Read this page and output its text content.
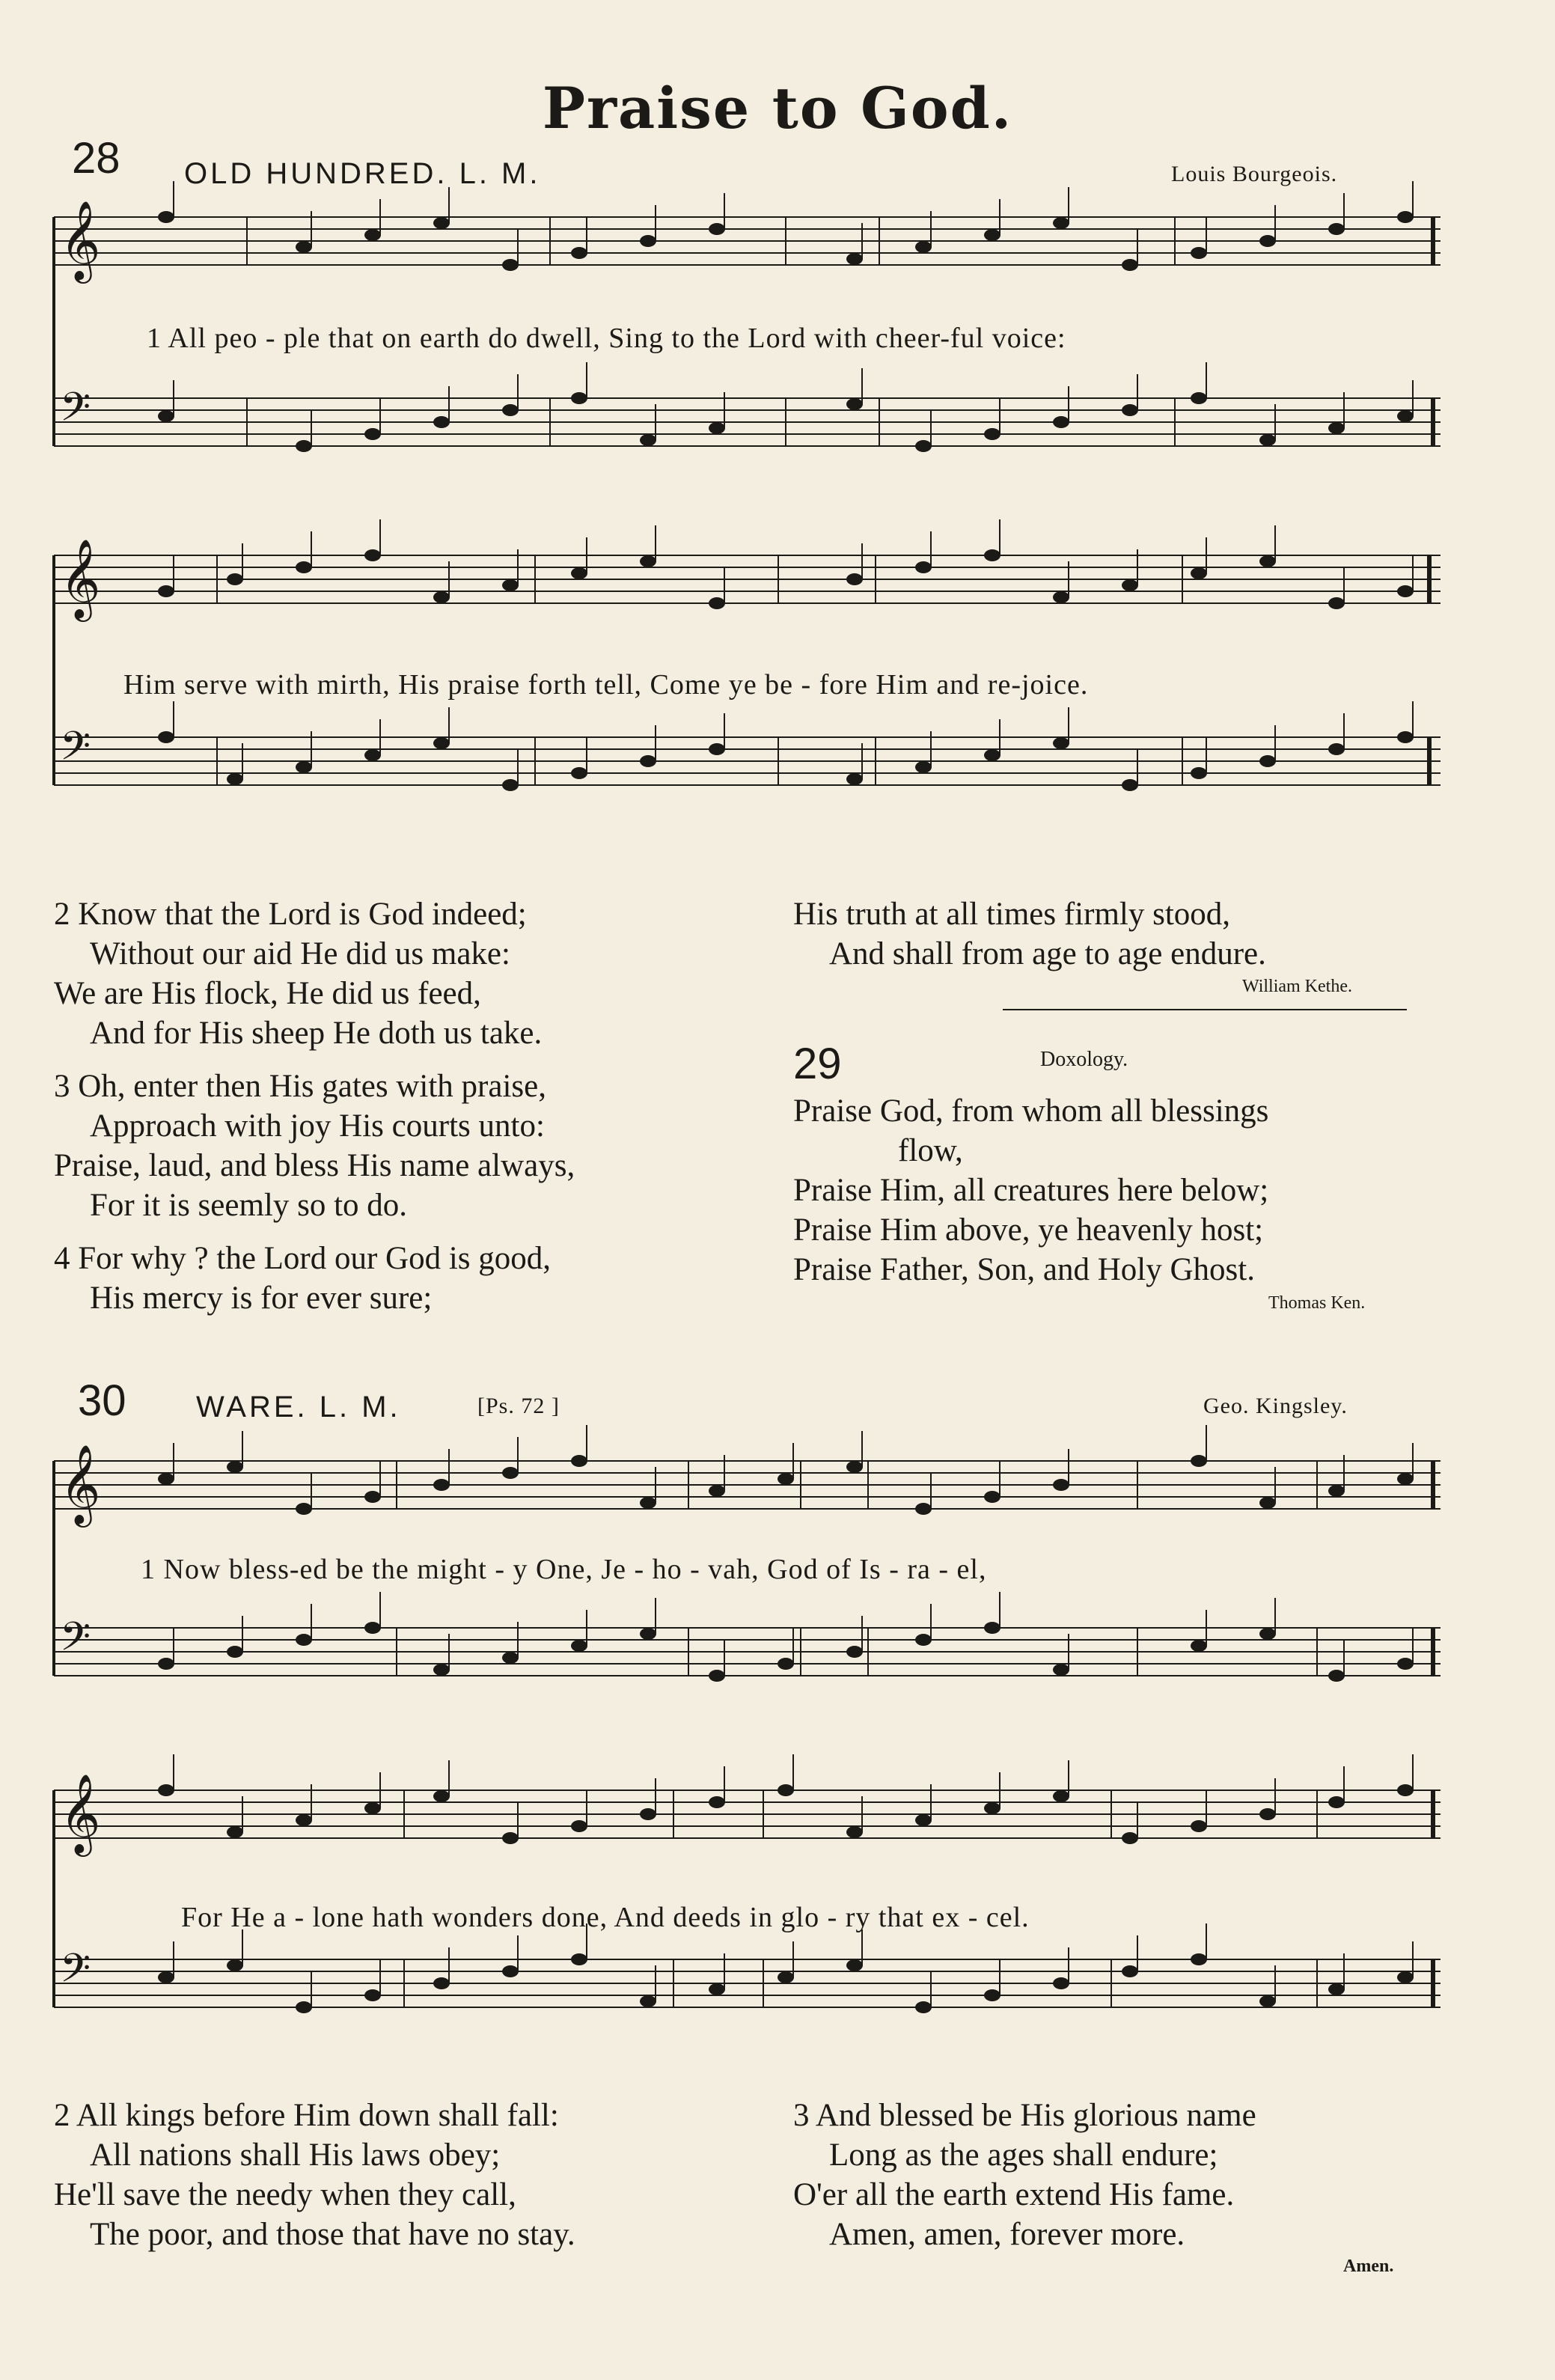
Praise to God.
28 OLD HUNDRED. L. M.	Louis Bourgeois.
𝄞
𝄢
𝄞
𝄢
𝄞
𝄢
𝄞
𝄢
1 All peo - ple that on earth do dwell, Sing to the Lord with cheer-ful voice:
Him serve with mirth, His praise forth tell, Come ye be - fore Him and re-joice.
2 Know that the Lord is God indeed;
Without our aid He did us make:
We are His flock, He did us feed,
And for His sheep He doth us take.
3 Oh, enter then His gates with praise,
Approach with joy His courts unto:
Praise, laud, and bless His name always,
For it is seemly so to do.
4 For why ? the Lord our God is good,
His mercy is for ever sure;
His truth at all times firmly stood,
And shall from age to age endure.
William Kethe.
29	Doxology.
Praise God, from whom all blessings
flow,
Praise Him, all creatures here below;
Praise Him above, ye heavenly host;
Praise Father, Son, and Holy Ghost.
Thomas Ken.
30 WARE. L. M.	[Ps. 72 ]	Geo. Kingsley.
1 Now bless-ed be the might - y One, Je - ho - vah, God of Is - ra - el,
For He a - lone hath wonders done, And deeds in glo - ry that ex - cel.
2 All kings before Him down shall fall:
All nations shall His laws obey;
He'll save the needy when they call,
The poor, and those that have no stay.
3 And blessed be His glorious name
Long as the ages shall endure;
O'er all the earth extend His fame.
Amen, amen, forever more.
Amen.
